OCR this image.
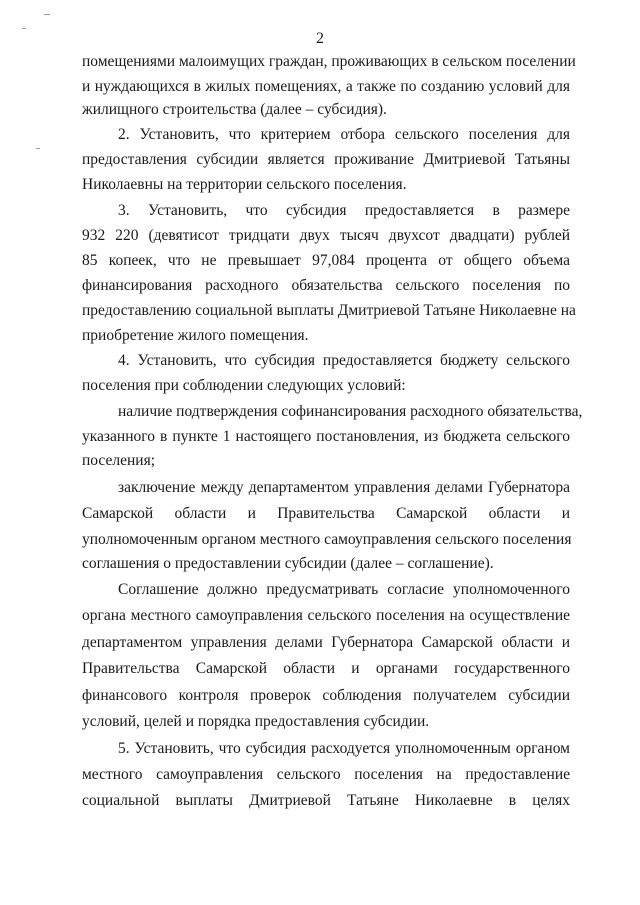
2
помещениями малоимущих граждан, проживающих в сельском поселении
и нуждающихся в жилых помещениях, а также по созданию условий для
жилищного строительства (далее – субсидия).
2. Установить, что критерием отбора сельского поселения для
предоставления субсидии является проживание Дмитриевой Татьяны
Николаевны на территории сельского поселения.
3. Установить, что субсидия предоставляется в размере
932 220 (девятисот тридцати двух тысяч двухсот двадцати) рублей
85 копеек, что не превышает 97,084 процента от общего объема
финансирования расходного обязательства сельского поселения по
предоставлению социальной выплаты Дмитриевой Татьяне Николаевне на
приобретение жилого помещения.
4. Установить, что субсидия предоставляется бюджету сельского
поселения при соблюдении следующих условий:
наличие подтверждения софинансирования расходного обязательства,
указанного в пункте 1 настоящего постановления, из бюджета сельского
поселения;
заключение между департаментом управления делами Губернатора
Самарской области и Правительства Самарской области и
уполномоченным органом местного самоуправления сельского поселения
соглашения о предоставлении субсидии (далее – соглашение).
Соглашение должно предусматривать согласие уполномоченного
органа местного самоуправления сельского поселения на осуществление
департаментом управления делами Губернатора Самарской области и
Правительства Самарской области и органами государственного
финансового контроля проверок соблюдения получателем субсидии
условий, целей и порядка предоставления субсидии.
5. Установить, что субсидия расходуется уполномоченным органом
местного самоуправления сельского поселения на предоставление
социальной выплаты Дмитриевой Татьяне Николаевне в целях
